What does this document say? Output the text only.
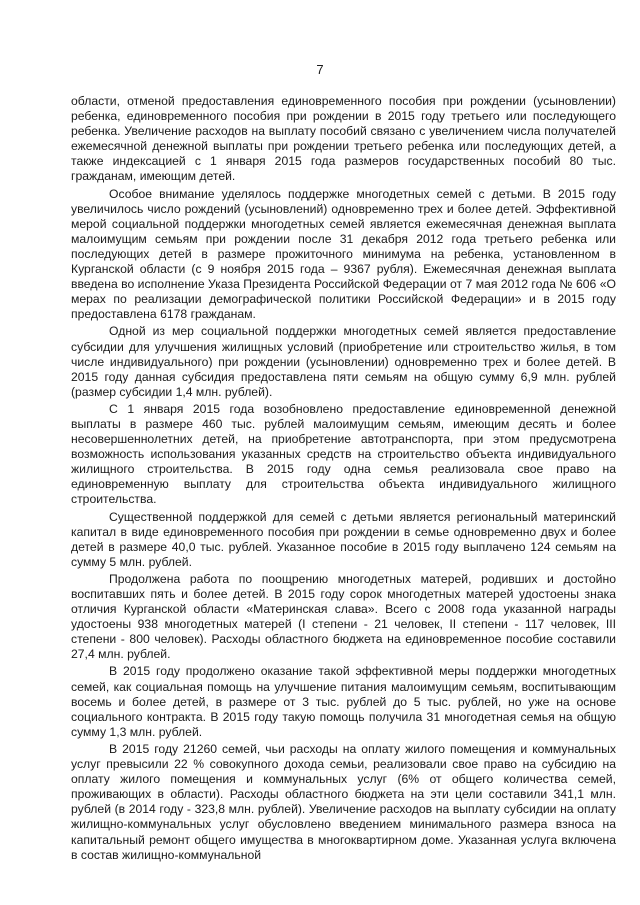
7

области, отменой предоставления единовременного пособия при рождении (усыновлении) ребенка, единовременного пособия при рождении в 2015 году третьего или последующего ребенка. Увеличение расходов на выплату пособий связано с увеличением числа получателей ежемесячной денежной выплаты при рождении третьего ребенка или последующих детей, а также индексацией с 1 января 2015 года размеров государственных пособий 80 тыс. гражданам, имеющим детей.

Особое внимание уделялось поддержке многодетных семей с детьми. В 2015 году увеличилось число рождений (усыновлений) одновременно трех и более детей. Эффективной мерой социальной поддержки многодетных семей является ежемесячная денежная выплата малоимущим семьям при рождении после 31 декабря 2012 года третьего ребенка или последующих детей в размере прожиточного минимума на ребенка, установленном в Курганской области (с 9 ноября 2015 года – 9367 рубля). Ежемесячная денежная выплата введена во исполнение Указа Президента Российской Федерации от 7 мая 2012 года № 606 «О мерах по реализации демографической политики Российской Федерации» и в 2015 году предоставлена 6178 гражданам.

Одной из мер социальной поддержки многодетных семей является предоставление субсидии для улучшения жилищных условий (приобретение или строительство жилья, в том числе индивидуального) при рождении (усыновлении) одновременно трех и более детей. В 2015 году данная субсидия предоставлена пяти семьям на общую сумму 6,9 млн. рублей (размер субсидии 1,4 млн. рублей).

С 1 января 2015 года возобновлено предоставление единовременной денежной выплаты в размере 460 тыс. рублей малоимущим семьям, имеющим десять и более несовершеннолетних детей, на приобретение автотранспорта, при этом предусмотрена возможность использования указанных средств на строительство объекта индивидуального жилищного строительства. В 2015 году одна семья реализовала свое право на единовременную выплату для строительства объекта индивидуального жилищного строительства.

Существенной поддержкой для семей с детьми является региональный материнский капитал в виде единовременного пособия при рождении в семье одновременно двух и более детей в размере 40,0 тыс. рублей. Указанное пособие в 2015 году выплачено 124 семьям на сумму 5 млн. рублей.

Продолжена работа по поощрению многодетных матерей, родивших и достойно воспитавших пять и более детей. В 2015 году сорок многодетных матерей удостоены знака отличия Курганской области «Материнская слава». Всего с 2008 года указанной награды удостоены 938 многодетных матерей (I степени - 21 человек, II степени - 117 человек, III степени - 800 человек). Расходы областного бюджета на единовременное пособие составили 27,4 млн. рублей.

В 2015 году продолжено оказание такой эффективной меры поддержки многодетных семей, как социальная помощь на улучшение питания малоимущим семьям, воспитывающим восемь и более детей, в размере от 3 тыс. рублей до 5 тыс. рублей, но уже на основе социального контракта. В 2015 году такую помощь получила 31 многодетная семья на общую сумму 1,3 млн. рублей.

В 2015 году 21260 семей, чьи расходы на оплату жилого помещения и коммунальных услуг превысили 22 % совокупного дохода семьи, реализовали свое право на субсидию на оплату жилого помещения и коммунальных услуг (6% от общего количества семей, проживающих в области). Расходы областного бюджета на эти цели составили 341,1 млн. рублей (в 2014 году - 323,8 млн. рублей). Увеличение расходов на выплату субсидии на оплату жилищно-коммунальных услуг обусловлено введением минимального размера взноса на капитальный ремонт общего имущества в многоквартирном доме. Указанная услуга включена в состав жилищно-коммунальной
